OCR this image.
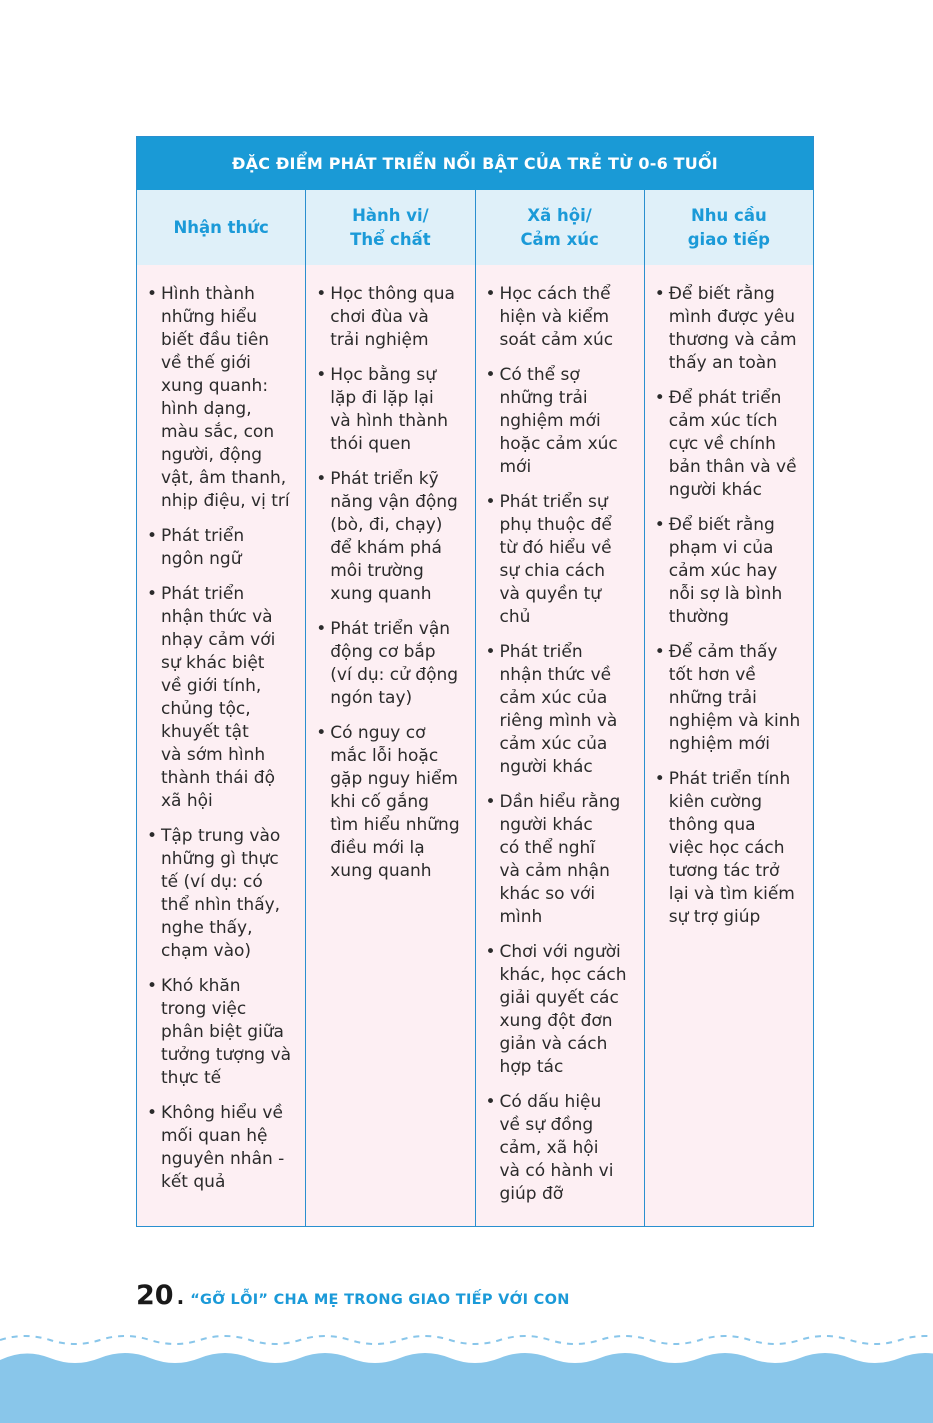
ĐẶC ĐIỂM PHÁT TRIỂN NỔI BẬT CỦA TRẺ TỪ 0-6 TUỔI
Nhận thức
Hành vi/
Thể chất
Xã hội/
Cảm xúc
Nhu cầu
giao tiếp
• Hình thành
những hiểu
biết đầu tiên
về thế giới
xung quanh:
hình dạng,
màu sắc, con
người, động
vật, âm thanh,
nhịp điệu, vị trí
• Phát triển
ngôn ngữ
• Phát triển
nhận thức và
nhạy cảm với
sự khác biệt
về giới tính,
chủng tộc,
khuyết tật
và sớm hình
thành thái độ
xã hội
• Tập trung vào
những gì thực
tế (ví dụ: có
thể nhìn thấy,
nghe thấy,
chạm vào)
• Khó khăn
trong việc
phân biệt giữa
tưởng tượng và
thực tế
• Không hiểu về
mối quan hệ
nguyên nhân -
kết quả
• Học thông qua
chơi đùa và
trải nghiệm
• Học bằng sự
lặp đi lặp lại
và hình thành
thói quen
• Phát triển kỹ
năng vận động
(bò, đi, chạy)
để khám phá
môi trường
xung quanh
• Phát triển vận
động cơ bắp
(ví dụ: cử động
ngón tay)
• Có nguy cơ
mắc lỗi hoặc
gặp nguy hiểm
khi cố gắng
tìm hiểu những
điều mới lạ
xung quanh
• Học cách thể
hiện và kiểm
soát cảm xúc
• Có thể sợ
những trải
nghiệm mới
hoặc cảm xúc
mới
• Phát triển sự
phụ thuộc để
từ đó hiểu về
sự chia cách
và quyền tự
chủ
• Phát triển
nhận thức về
cảm xúc của
riêng mình và
cảm xúc của
người khác
• Dần hiểu rằng
người khác
có thể nghĩ
và cảm nhận
khác so với
mình
• Chơi với người
khác, học cách
giải quyết các
xung đột đơn
giản và cách
hợp tác
• Có dấu hiệu
về sự đồng
cảm, xã hội
và có hành vi
giúp đỡ
• Để biết rằng
mình được yêu
thương và cảm
thấy an toàn
• Để phát triển
cảm xúc tích
cực về chính
bản thân và về
người khác
• Để biết rằng
phạm vi của
cảm xúc hay
nỗi sợ là bình
thường
• Để cảm thấy
tốt hơn về
những trải
nghiệm và kinh
nghiệm mới
• Phát triển tính
kiên cường
thông qua
việc học cách
tương tác trở
lại và tìm kiếm
sự trợ giúp
20 . “GỠ LỖI” CHA MẸ TRONG GIAO TIẾP VỚI CON
